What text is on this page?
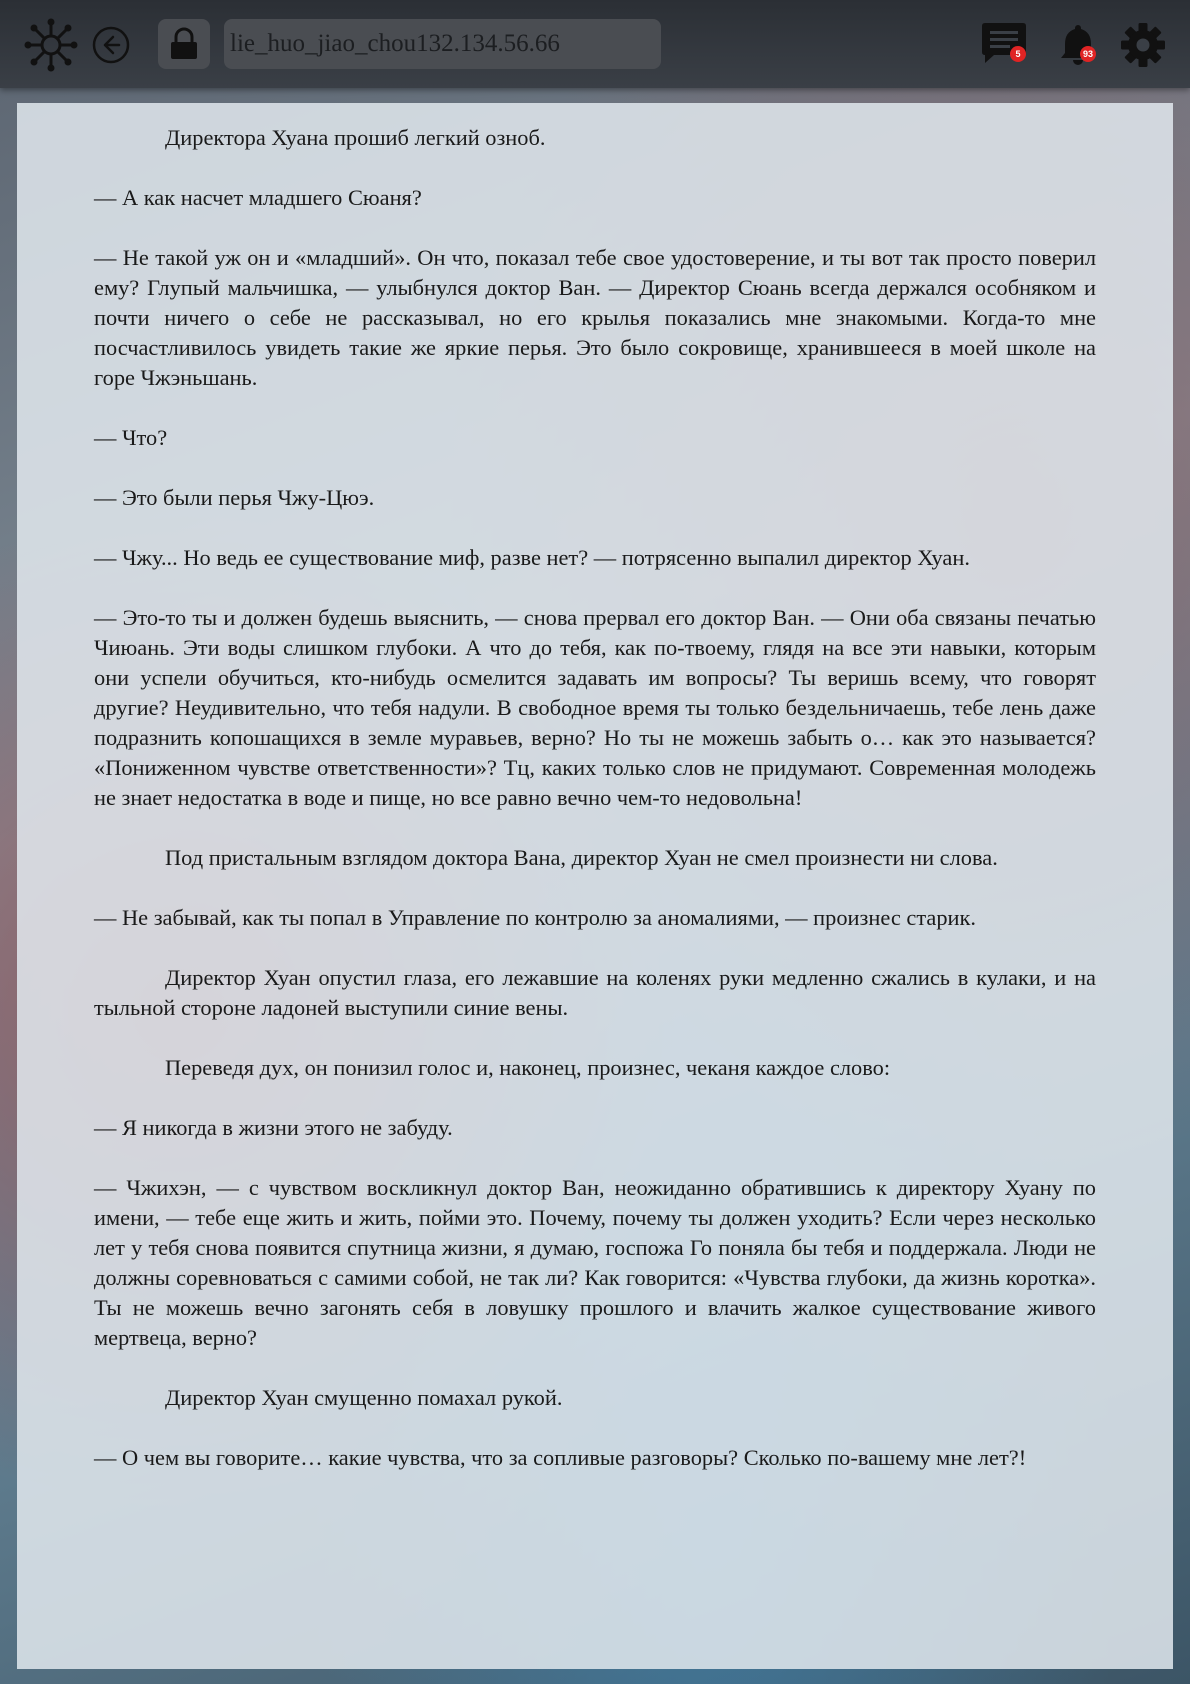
lie_huo_jiao_chou132.134.56.66	5	93

Директора Хуана прошиб легкий озноб.

— А как насчет младшего Сюаня?

— Не такой уж он и «младший». Он что, показал тебе свое удостоверение, и ты вот так просто поверил ему? Глупый мальчишка, — улыбнулся доктор Ван. — Директор Сюань всегда держался особняком и почти ничего о себе не рассказывал, но его крылья показались мне знакомыми. Когда-то мне посчастливилось увидеть такие же яркие перья. Это было сокровище, хранившееся в моей школе на горе Чжэньшань.

— Что?

— Это были перья Чжу-Цюэ.

— Чжу... Но ведь ее существование миф, разве нет? — потрясенно выпалил директор Хуан.

— Это-то ты и должен будешь выяснить, — снова прервал его доктор Ван. — Они оба связаны печатью Чиюань. Эти воды слишком глубоки. А что до тебя, как по-твоему, глядя на все эти навыки, которым они успели обучиться, кто-нибудь осмелится задавать им вопросы? Ты веришь всему, что говорят другие? Неудивительно, что тебя надули. В свободное время ты только бездельничаешь, тебе лень даже подразнить копошащихся в земле муравьев, верно? Но ты не можешь забыть о… как это называется? «Пониженном чувстве ответственности»? Тц, каких только слов не придумают. Современная молодежь не знает недостатка в воде и пище, но все равно вечно чем-то недовольна!

Под пристальным взглядом доктора Вана, директор Хуан не смел произнести ни слова.

— Не забывай, как ты попал в Управление по контролю за аномалиями, — произнес старик.

Директор Хуан опустил глаза, его лежавшие на коленях руки медленно сжались в кулаки, и на тыльной стороне ладоней выступили синие вены.

Переведя дух, он понизил голос и, наконец, произнес, чеканя каждое слово:

— Я никогда в жизни этого не забуду.

— Чжихэн, — с чувством воскликнул доктор Ван, неожиданно обратившись к директору Хуану по имени, — тебе еще жить и жить, пойми это. Почему, почему ты должен уходить? Если через несколько лет у тебя снова появится спутница жизни, я думаю, госпожа Го поняла бы тебя и поддержала. Люди не должны соревноваться с самими собой, не так ли? Как говорится: «Чувства глубоки, да жизнь коротка». Ты не можешь вечно загонять себя в ловушку прошлого и влачить жалкое существование живого мертвеца, верно?

Директор Хуан смущенно помахал рукой.

— О чем вы говорите… какие чувства, что за сопливые разговоры? Сколько по-вашему мне лет?!
